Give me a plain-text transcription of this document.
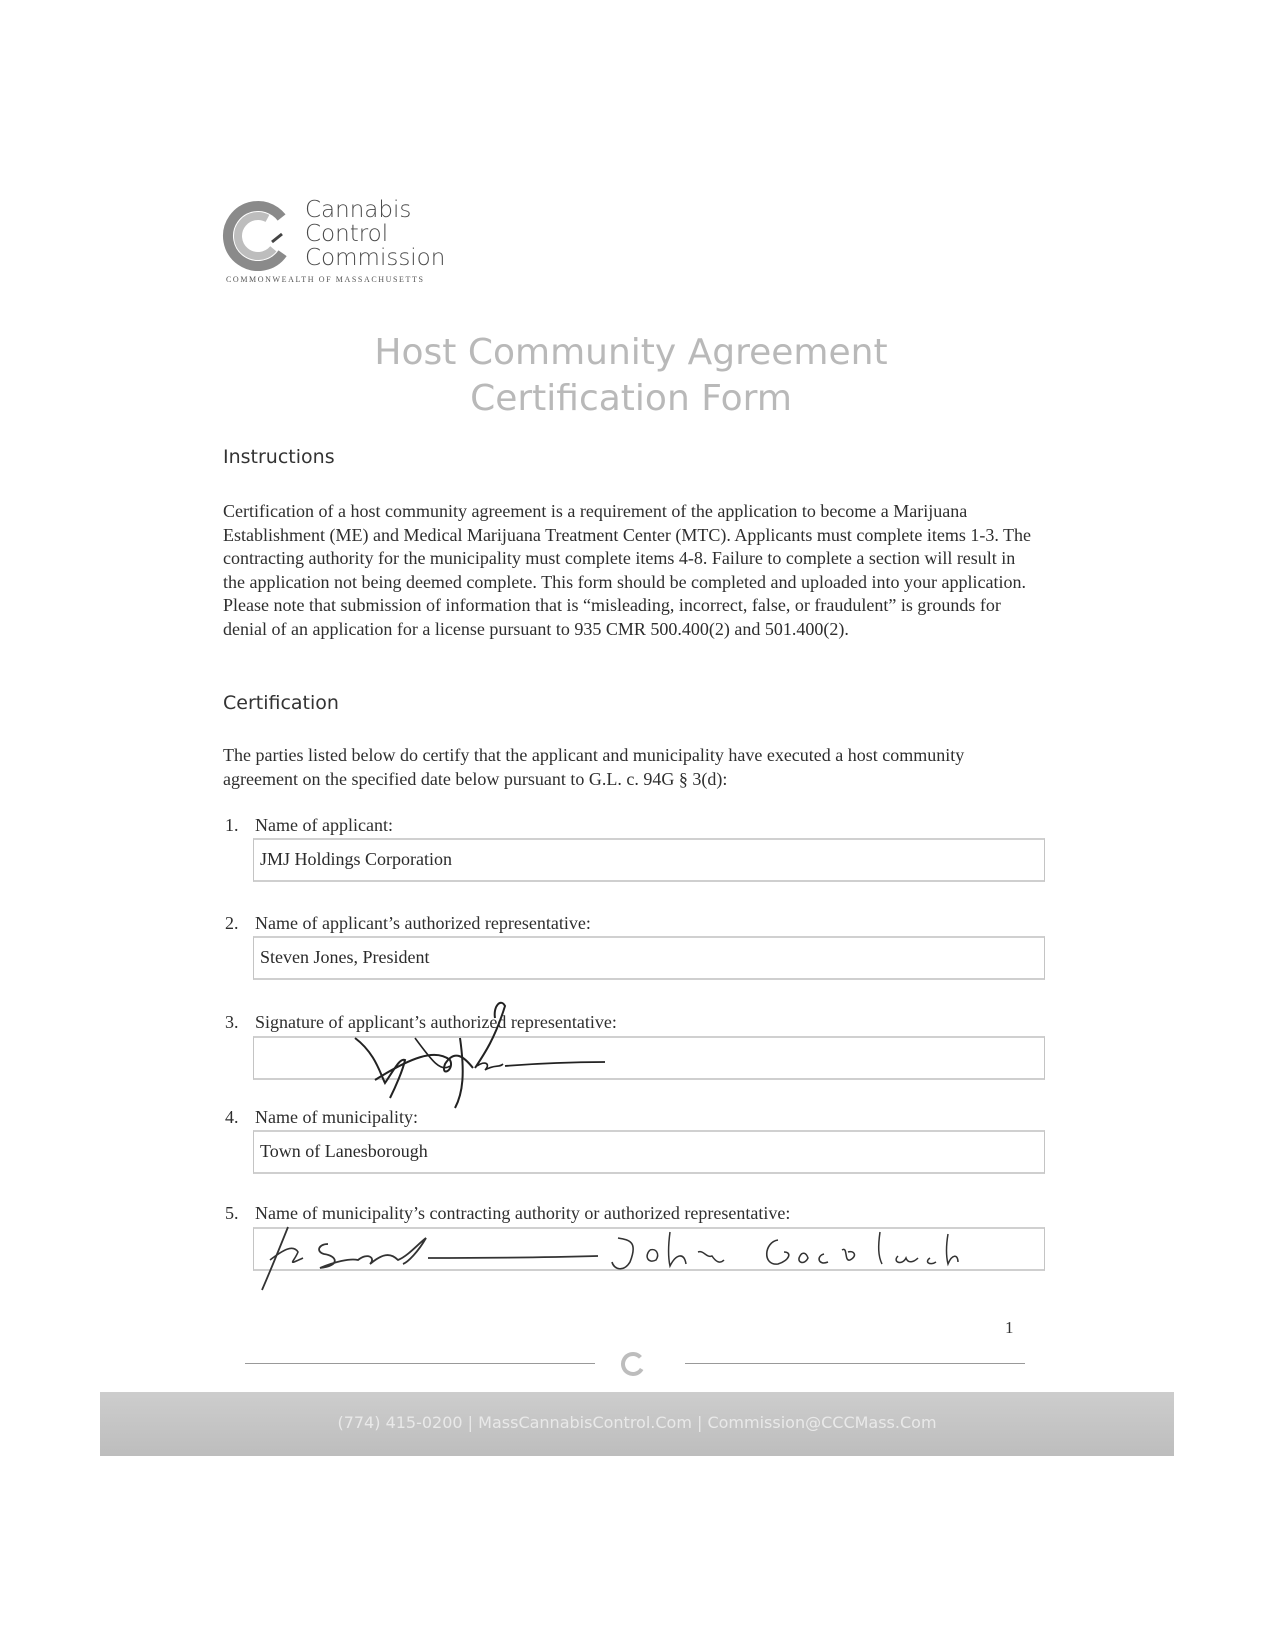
Cannabis
Control
Commission
COMMONWEALTH OF MASSACHUSETTS
Host Community Agreement
Certification Form
Instructions

Certification of a host community agreement is a requirement of the application to become a Marijuana Establishment (ME) and Medical Marijuana Treatment Center (MTC). Applicants must complete items 1-3. The contracting authority for the municipality must complete items 4-8. Failure to complete a section will result in the application not being deemed complete. This form should be completed and uploaded into your application. Please note that submission of information that is “misleading, incorrect, false, or fraudulent” is grounds for denial of an application for a license pursuant to 935 CMR 500.400(2) and 501.400(2).

Certification

The parties listed below do certify that the applicant and municipality have executed a host community agreement on the specified date below pursuant to G.L. c. 94G § 3(d):

1. Name of applicant:
JMJ Holdings Corporation
2. Name of applicant’s authorized representative:
Steven Jones, President
3. Signature of applicant’s authorized representative:
4. Name of municipality:
Town of Lanesborough
5. Name of municipality’s contracting authority or authorized representative:
1
(774) 415-0200 | MassCannabisControl.Com | Commission@CCCMass.Com
